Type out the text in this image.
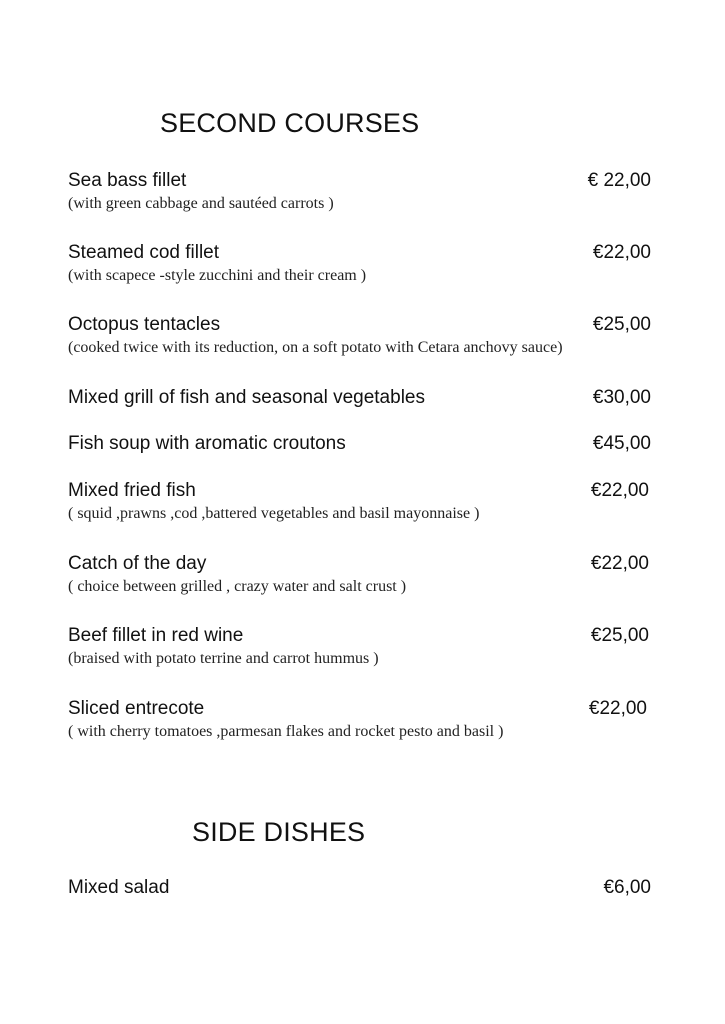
SECOND COURSES
Sea bass fillet	€ 22,00
(with green cabbage and sautéed carrots )
Steamed cod fillet	€22,00
(with scapece -style zucchini and their cream )
Octopus tentacles	€25,00
(cooked twice with its reduction, on a soft potato with Cetara anchovy sauce)
Mixed grill of fish and seasonal vegetables	€30,00
Fish soup with aromatic croutons	€45,00
Mixed fried fish	€22,00
( squid ,prawns ,cod ,battered vegetables and basil mayonnaise )
Catch of the day	€22,00
( choice between grilled , crazy water and salt crust )
Beef fillet in red wine	€25,00
(braised with potato terrine and carrot hummus )
Sliced entrecote	€22,00
( with cherry tomatoes ,parmesan flakes and rocket pesto and basil )
SIDE DISHES
Mixed salad	€6,00
